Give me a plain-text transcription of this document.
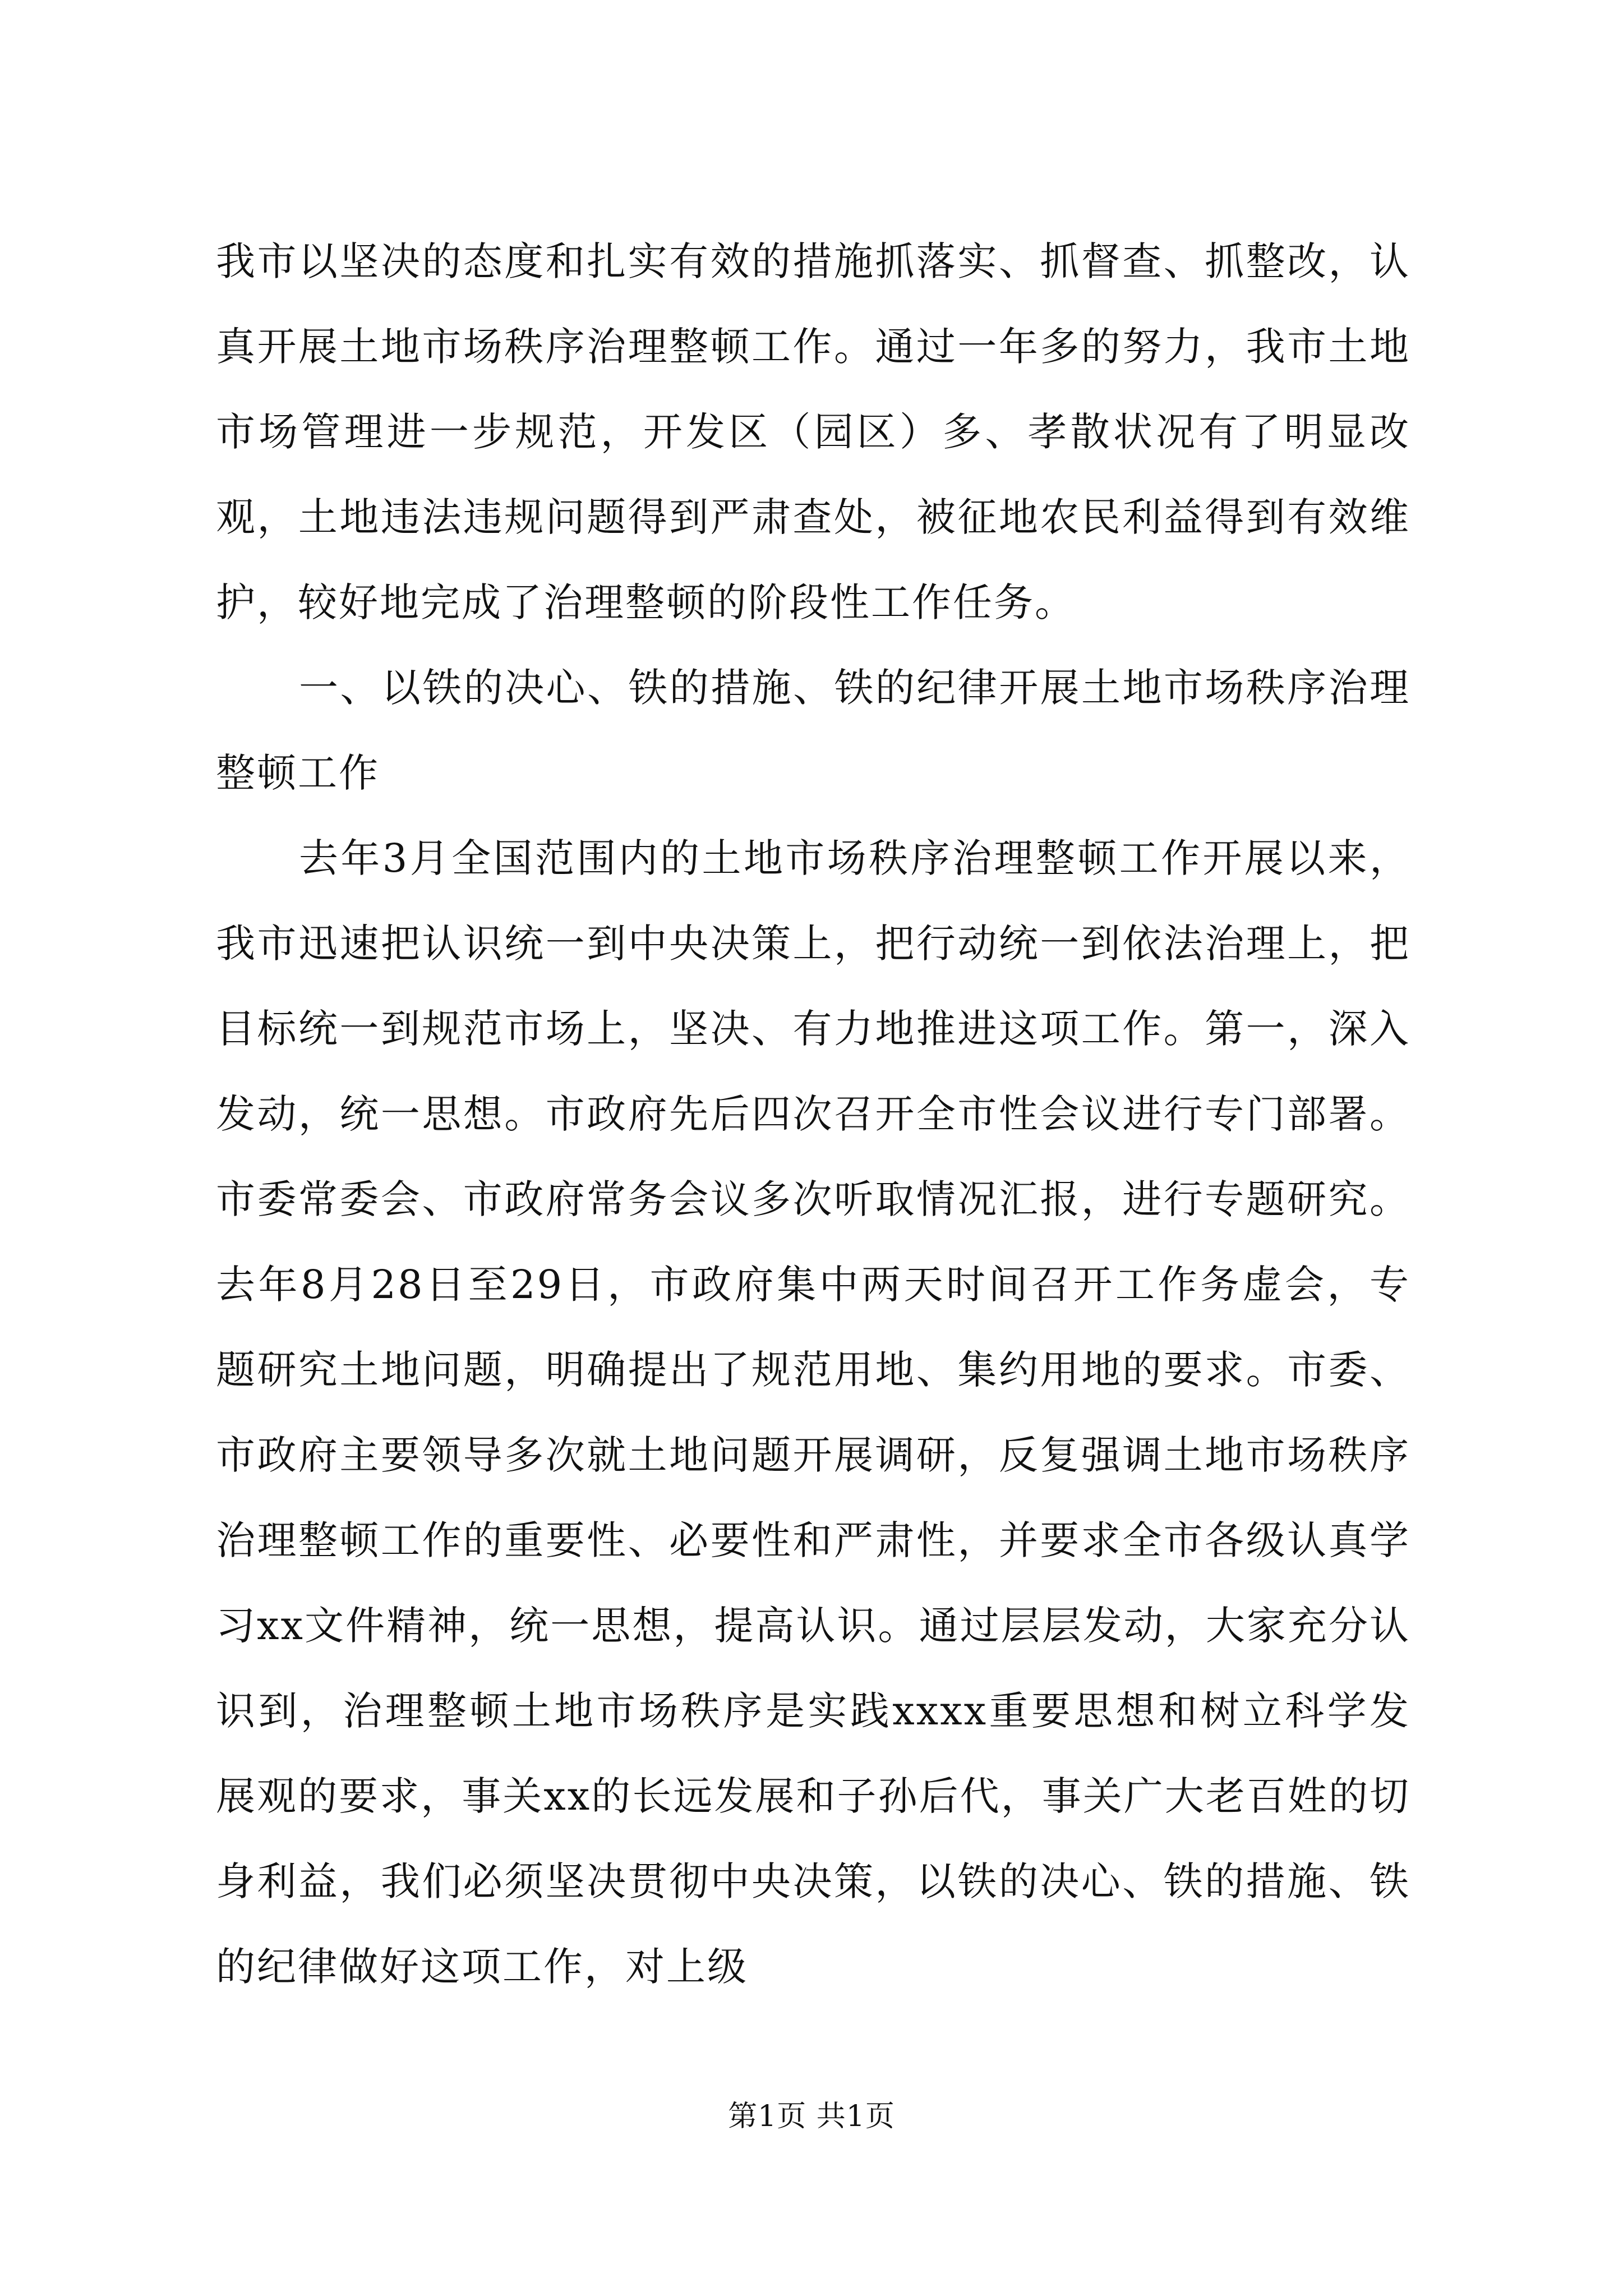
我市以坚决的态度和扎实有效的措施抓落实、抓督查、抓整改，认真开展土地市场秩序治理整顿工作。通过一年多的努力，我市土地市场管理进一步规范，开发区（园区）多、孝散状况有了明显改观，土地违法违规问题得到严肃查处，被征地农民利益得到有效维护，较好地完成了治理整顿的阶段性工作任务。

一、以铁的决心、铁的措施、铁的纪律开展土地市场秩序治理整顿工作

去年3月全国范围内的土地市场秩序治理整顿工作开展以来，我市迅速把认识统一到中央决策上，把行动统一到依法治理上，把目标统一到规范市场上，坚决、有力地推进这项工作。第一，深入发动，统一思想。市政府先后四次召开全市性会议进行专门部署。市委常委会、市政府常务会议多次听取情况汇报，进行专题研究。去年8月28日至29日，市政府集中两天时间召开工作务虚会，专题研究土地问题，明确提出了规范用地、集约用地的要求。市委、市政府主要领导多次就土地问题开展调研，反复强调土地市场秩序治理整顿工作的重要性、必要性和严肃性，并要求全市各级认真学习xx文件精神，统一思想，提高认识。通过层层发动，大家充分认识到，治理整顿土地市场秩序是实践xxxx重要思想和树立科学发展观的要求，事关xx的长远发展和子孙后代，事关广大老百姓的切身利益，我们必须坚决贯彻中央决策，以铁的决心、铁的措施、铁的纪律做好这项工作，对上级

第1页 共1页
